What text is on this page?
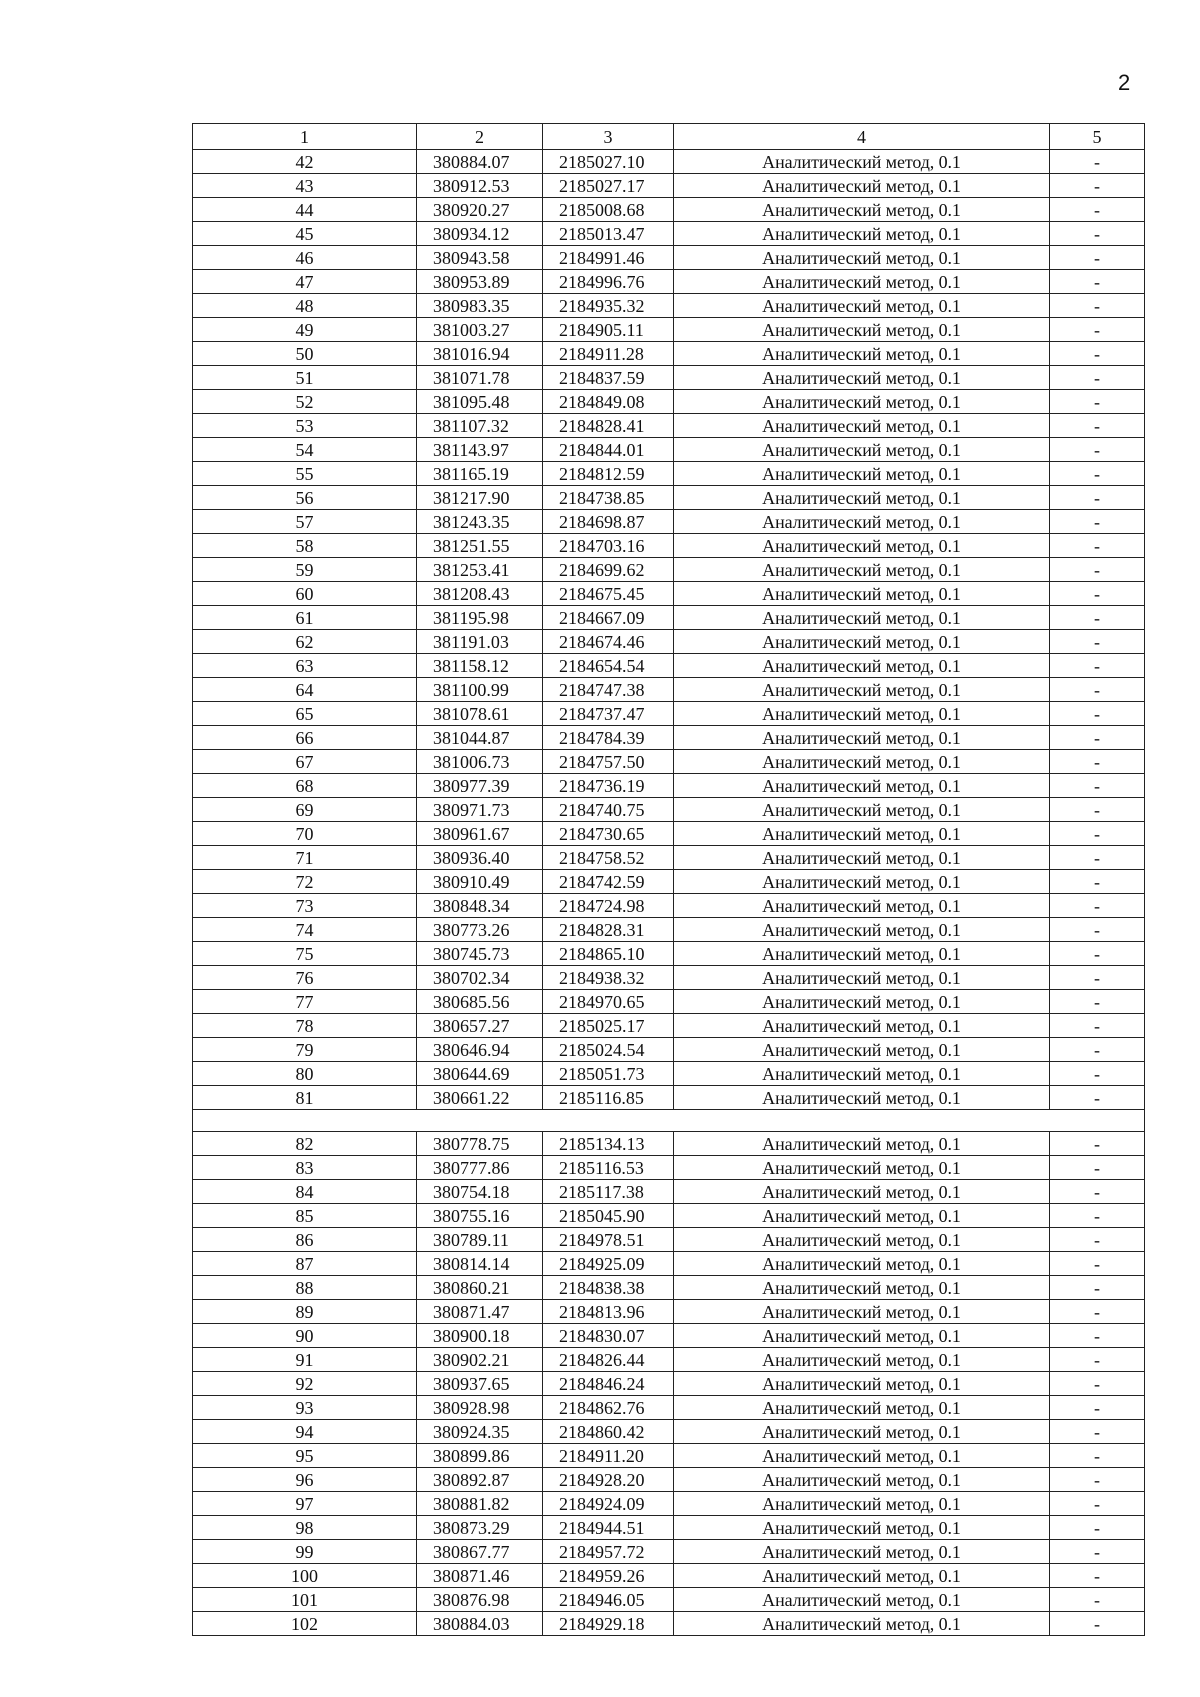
2
1	2	3	4	5
42	380884.07	2185027.10	Аналитический метод, 0.1	-
43	380912.53	2185027.17	Аналитический метод, 0.1	-
44	380920.27	2185008.68	Аналитический метод, 0.1	-
45	380934.12	2185013.47	Аналитический метод, 0.1	-
46	380943.58	2184991.46	Аналитический метод, 0.1	-
47	380953.89	2184996.76	Аналитический метод, 0.1	-
48	380983.35	2184935.32	Аналитический метод, 0.1	-
49	381003.27	2184905.11	Аналитический метод, 0.1	-
50	381016.94	2184911.28	Аналитический метод, 0.1	-
51	381071.78	2184837.59	Аналитический метод, 0.1	-
52	381095.48	2184849.08	Аналитический метод, 0.1	-
53	381107.32	2184828.41	Аналитический метод, 0.1	-
54	381143.97	2184844.01	Аналитический метод, 0.1	-
55	381165.19	2184812.59	Аналитический метод, 0.1	-
56	381217.90	2184738.85	Аналитический метод, 0.1	-
57	381243.35	2184698.87	Аналитический метод, 0.1	-
58	381251.55	2184703.16	Аналитический метод, 0.1	-
59	381253.41	2184699.62	Аналитический метод, 0.1	-
60	381208.43	2184675.45	Аналитический метод, 0.1	-
61	381195.98	2184667.09	Аналитический метод, 0.1	-
62	381191.03	2184674.46	Аналитический метод, 0.1	-
63	381158.12	2184654.54	Аналитический метод, 0.1	-
64	381100.99	2184747.38	Аналитический метод, 0.1	-
65	381078.61	2184737.47	Аналитический метод, 0.1	-
66	381044.87	2184784.39	Аналитический метод, 0.1	-
67	381006.73	2184757.50	Аналитический метод, 0.1	-
68	380977.39	2184736.19	Аналитический метод, 0.1	-
69	380971.73	2184740.75	Аналитический метод, 0.1	-
70	380961.67	2184730.65	Аналитический метод, 0.1	-
71	380936.40	2184758.52	Аналитический метод, 0.1	-
72	380910.49	2184742.59	Аналитический метод, 0.1	-
73	380848.34	2184724.98	Аналитический метод, 0.1	-
74	380773.26	2184828.31	Аналитический метод, 0.1	-
75	380745.73	2184865.10	Аналитический метод, 0.1	-
76	380702.34	2184938.32	Аналитический метод, 0.1	-
77	380685.56	2184970.65	Аналитический метод, 0.1	-
78	380657.27	2185025.17	Аналитический метод, 0.1	-
79	380646.94	2185024.54	Аналитический метод, 0.1	-
80	380644.69	2185051.73	Аналитический метод, 0.1	-
81	380661.22	2185116.85	Аналитический метод, 0.1	-

82	380778.75	2185134.13	Аналитический метод, 0.1	-
83	380777.86	2185116.53	Аналитический метод, 0.1	-
84	380754.18	2185117.38	Аналитический метод, 0.1	-
85	380755.16	2185045.90	Аналитический метод, 0.1	-
86	380789.11	2184978.51	Аналитический метод, 0.1	-
87	380814.14	2184925.09	Аналитический метод, 0.1	-
88	380860.21	2184838.38	Аналитический метод, 0.1	-
89	380871.47	2184813.96	Аналитический метод, 0.1	-
90	380900.18	2184830.07	Аналитический метод, 0.1	-
91	380902.21	2184826.44	Аналитический метод, 0.1	-
92	380937.65	2184846.24	Аналитический метод, 0.1	-
93	380928.98	2184862.76	Аналитический метод, 0.1	-
94	380924.35	2184860.42	Аналитический метод, 0.1	-
95	380899.86	2184911.20	Аналитический метод, 0.1	-
96	380892.87	2184928.20	Аналитический метод, 0.1	-
97	380881.82	2184924.09	Аналитический метод, 0.1	-
98	380873.29	2184944.51	Аналитический метод, 0.1	-
99	380867.77	2184957.72	Аналитический метод, 0.1	-
100	380871.46	2184959.26	Аналитический метод, 0.1	-
101	380876.98	2184946.05	Аналитический метод, 0.1	-
102	380884.03	2184929.18	Аналитический метод, 0.1	-
